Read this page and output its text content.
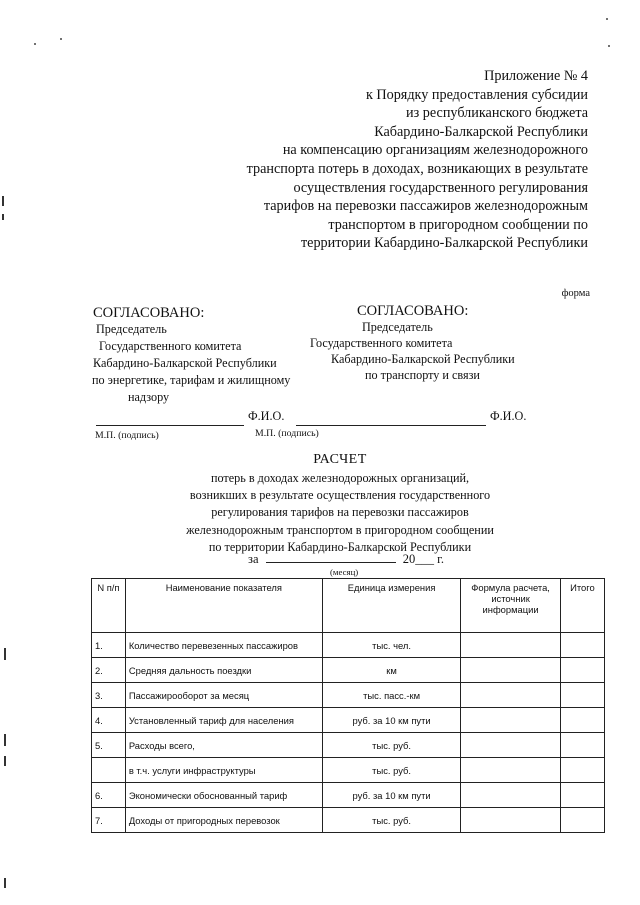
Приложение № 4
к Порядку предоставления субсидии
из республиканского бюджета
Кабардино-Балкарской Республики
на компенсацию организациям железнодорожного
транспорта потерь в доходах, возникающих в результате
осуществления государственного регулирования
тарифов на перевозки пассажиров железнодорожным
транспортом в пригородном сообщении по
территории Кабардино-Балкарской Республики
форма
СОГЛАСОВАНО:
Председатель
Государственного комитета
Кабардино-Балкарской Республики
по энергетике, тарифам и жилищному
надзору
СОГЛАСОВАНО:
Председатель
Государственного комитета
Кабардино-Балкарской Республики
по транспорту и связи
Ф.И.О.	Ф.И.О.
М.П. (подпись)	М.П. (подпись)
РАСЧЕТ
потерь в доходах железнодорожных организаций,
возникших в результате осуществления государственного
регулирования тарифов на перевозки пассажиров
железнодорожным транспортом в пригородном сообщении
по территории Кабардино-Балкарской Республики
за	20___ г.
(месяц)
N п/п	Наименование показателя	Единица измерения	Формула расчета, источник информации	Итого
1.	Количество перевезенных пассажиров	тыс. чел.		
2.	Средняя дальность поездки	км		
3.	Пассажирооборот за месяц	тыс. пасс.-км		
4.	Установленный тариф для населения	руб. за 10 км пути		
5.	Расходы всего,	тыс. руб.		
	в т.ч. услуги инфраструктуры	тыс. руб.		
6.	Экономически обоснованный тариф	руб. за 10 км пути		
7.	Доходы от пригородных перевозок	тыс. руб.		
